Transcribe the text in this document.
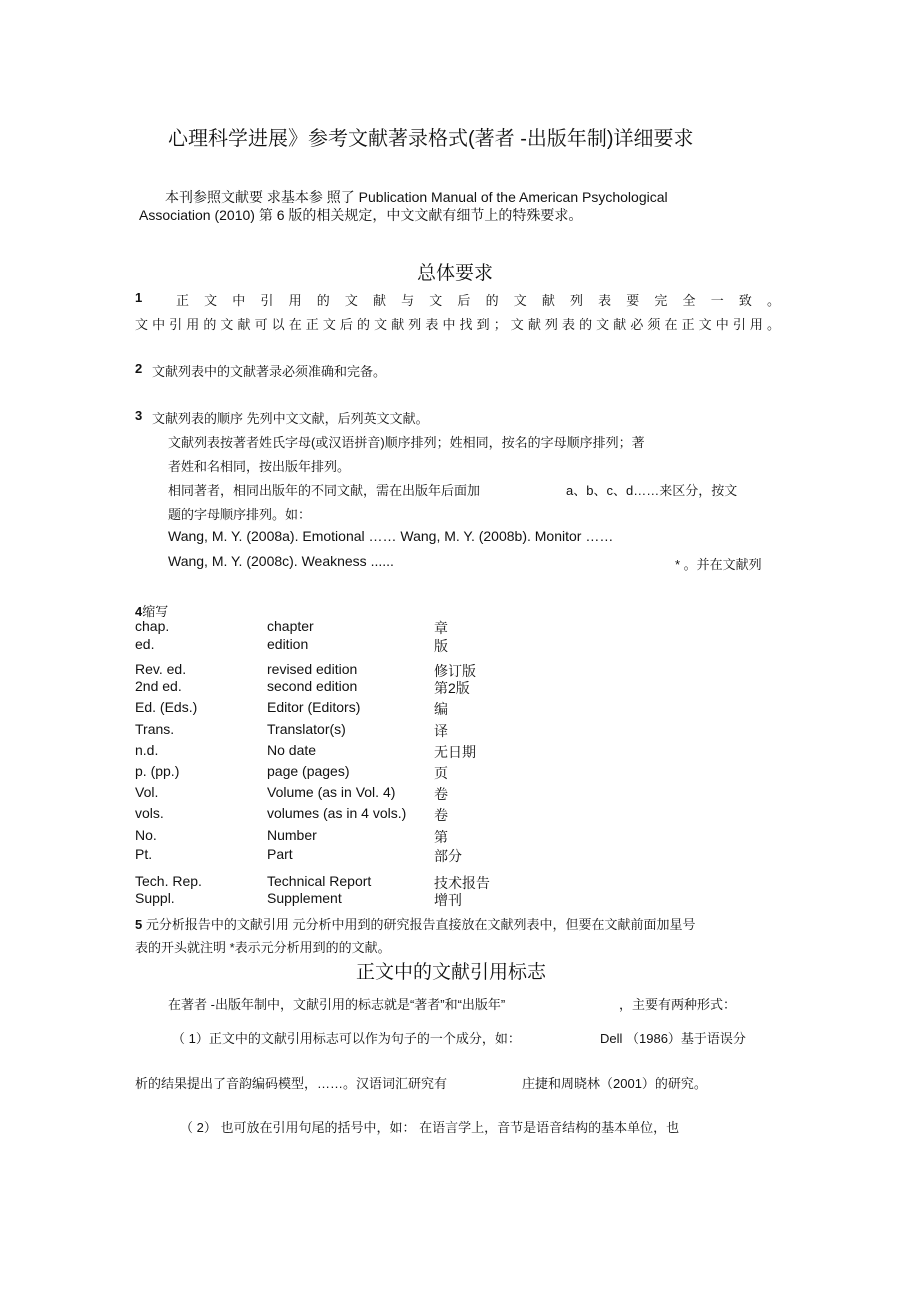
心理科学进展》参考文献著录格式(著者 -出版年制)详细要求
本刊参照文献要 求基本参 照了 Publication Manual of the American Psychological
Association (2010) 第 6 版的相关规定，中文文献有细节上的特殊要求。
总体要求
1	正文中引用的文献与文后的文献列表要完全一致。
文中引用的文献可以在正文后的文献列表中找到；文献列表的文献必须在正文中引用。
2 文献列表中的文献著录必须准确和完备。
3 文献列表的顺序 先列中文文献，后列英文文献。
文献列表按著者姓氏字母(或汉语拼音)顺序排列；姓相同，按名的字母顺序排列；著
者姓和名相同，按出版年排列。
相同著者，相同出版年的不同文献，需在出版年后面加	a、b、c、d……来区分，按文
题的字母顺序排列。如：
Wang, M. Y. (2008a). Emotional …… Wang, M. Y. (2008b). Monitor ……
Wang, M. Y. (2008c). Weakness ......	* 。并在文献列
4缩写
chap.	chapter	章
ed.	edition	版
Rev. ed.	revised edition	修订版
2nd ed.	second edition	第2版
Ed. (Eds.)	Editor (Editors)	编
Trans.	Translator(s)	译
n.d.	No date	无日期
p. (pp.)	page (pages)	页
Vol.	Volume (as in Vol. 4)	卷
vols.	volumes (as in 4 vols.) 卷
No.	Number	第
Pt.	Part	部分
Tech. Rep.	Technical Report	技术报告
Suppl.	Supplement	增刊
5 元分析报告中的文献引用 元分析中用到的研究报告直接放在文献列表中，但要在文献前面加星号
表的开头就注明 *表示元分析用到的的文献。
正文中的文献引用标志
在著者 -出版年制中，文献引用的标志就是“著者”和“出版年”	，主要有两种形式：
（ 1）正文中的文献引用标志可以作为句子的一个成分，如：	Dell （1986）基于语误分
析的结果提出了音韵编码模型，……。汉语词汇研究有	庄捷和周晓林（2001）的研究。
（ 2） 也可放在引用句尾的括号中，如： 在语言学上，音节是语音结构的基本单位，也
